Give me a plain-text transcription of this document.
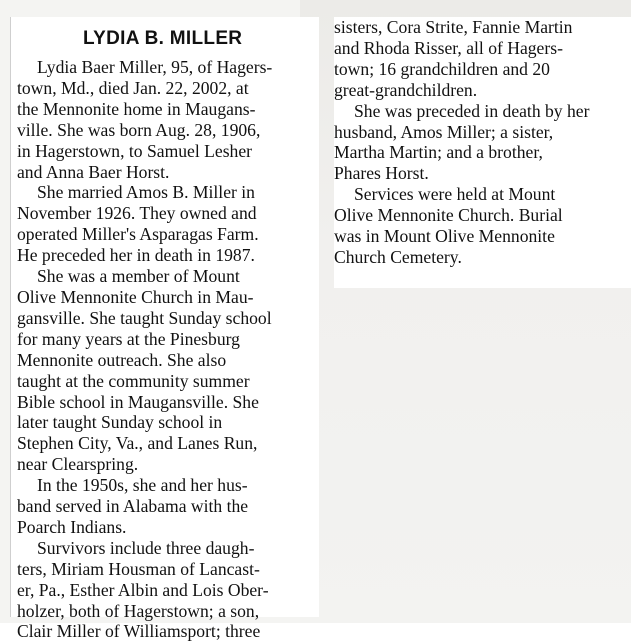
LYDIA B. MILLER
Lydia Baer Miller, 95, of Hagers-
town, Md., died Jan. 22, 2002, at
the Mennonite home in Maugans-
ville. She was born Aug. 28, 1906,
in Hagerstown, to Samuel Lesher
and Anna Baer Horst.
She married Amos B. Miller in
November 1926. They owned and
operated Miller's Asparagas Farm.
He preceded her in death in 1987.
She was a member of Mount
Olive Mennonite Church in Mau-
gansville. She taught Sunday school
for many years at the Pinesburg
Mennonite outreach. She also
taught at the community summer
Bible school in Maugansville. She
later taught Sunday school in
Stephen City, Va., and Lanes Run,
near Clearspring.
In the 1950s, she and her hus-
band served in Alabama with the
Poarch Indians.
Survivors include three daugh-
ters, Miriam Housman of Lancast-
er, Pa., Esther Albin and Lois Ober-
holzer, both of Hagerstown; a son,
Clair Miller of Williamsport; three
sisters, Cora Strite, Fannie Martin
and Rhoda Risser, all of Hagers-
town; 16 grandchildren and 20
great-grandchildren.
She was preceded in death by her
husband, Amos Miller; a sister,
Martha Martin; and a brother,
Phares Horst.
Services were held at Mount
Olive Mennonite Church. Burial
was in Mount Olive Mennonite
Church Cemetery.
